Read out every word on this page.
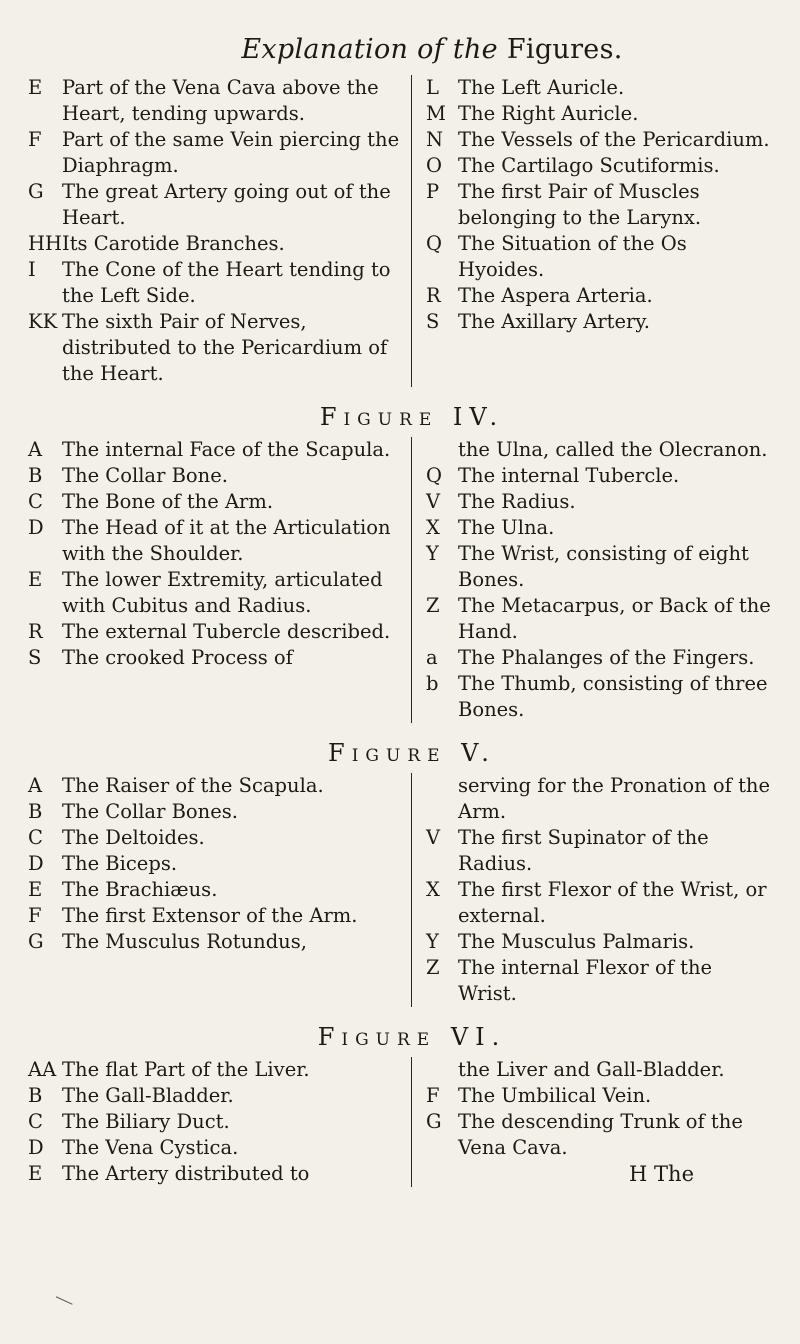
Explanation of the Figures.
E	Part of the Vena Cava above the Heart, tending upwards.
F	Part of the same Vein piercing the Diaphragm.
G The great Artery going out of the Heart.
HH Its Carotide Branches.
I	The Cone of the Heart tending to the Left Side.
KK The sixth Pair of Nerves, distributed to the Pericardium of the Heart.
L The Left Auricle.
M The Right Auricle.
N The Vessels of the Pericardium.
O The Cartilago Scutiformis.
P The first Pair of Muscles belonging to the Larynx.
Q The Situation of the Os Hyoides.
R The Aspera Arteria.
S The Axillary Artery.
Figure IV.
A	The internal Face of the Scapula.
B	The Collar Bone.
C The Bone of the Arm.
D The Head of it at the Articulation with the Shoulder.
E	The lower Extremity, articulated with Cubitus and Radius.
R The external Tubercle described.
S	The crooked Process of
the Ulna, called the Olecranon.
Q The internal Tubercle.
V The Radius.
X The Ulna.
Y The Wrist, consisting of eight Bones.
Z The Metacarpus, or Back of the Hand.
a	The Phalanges of the Fingers.
b	The Thumb, consisting of three Bones.
Figure V.
A	The Raiser of the Scapula.
B	The Collar Bones.
C The Deltoides.
D The Biceps.
E	The Brachiæus.
F	The first Extensor of the Arm.
G The Musculus Rotundus,
serving for the Pronation of the Arm.
V The first Supinator of the Radius.
X The first Flexor of the Wrist, or external.
Y The Musculus Palmaris.
Z The internal Flexor of the Wrist.
Figure VI.
AA The flat Part of the Liver.
B	The Gall-Bladder.
C The Biliary Duct.
D The Vena Cystica.
E	The Artery distributed to
the Liver and Gall-Bladder.
F The Umbilical Vein.
G The descending Trunk of the Vena Cava.
H The
